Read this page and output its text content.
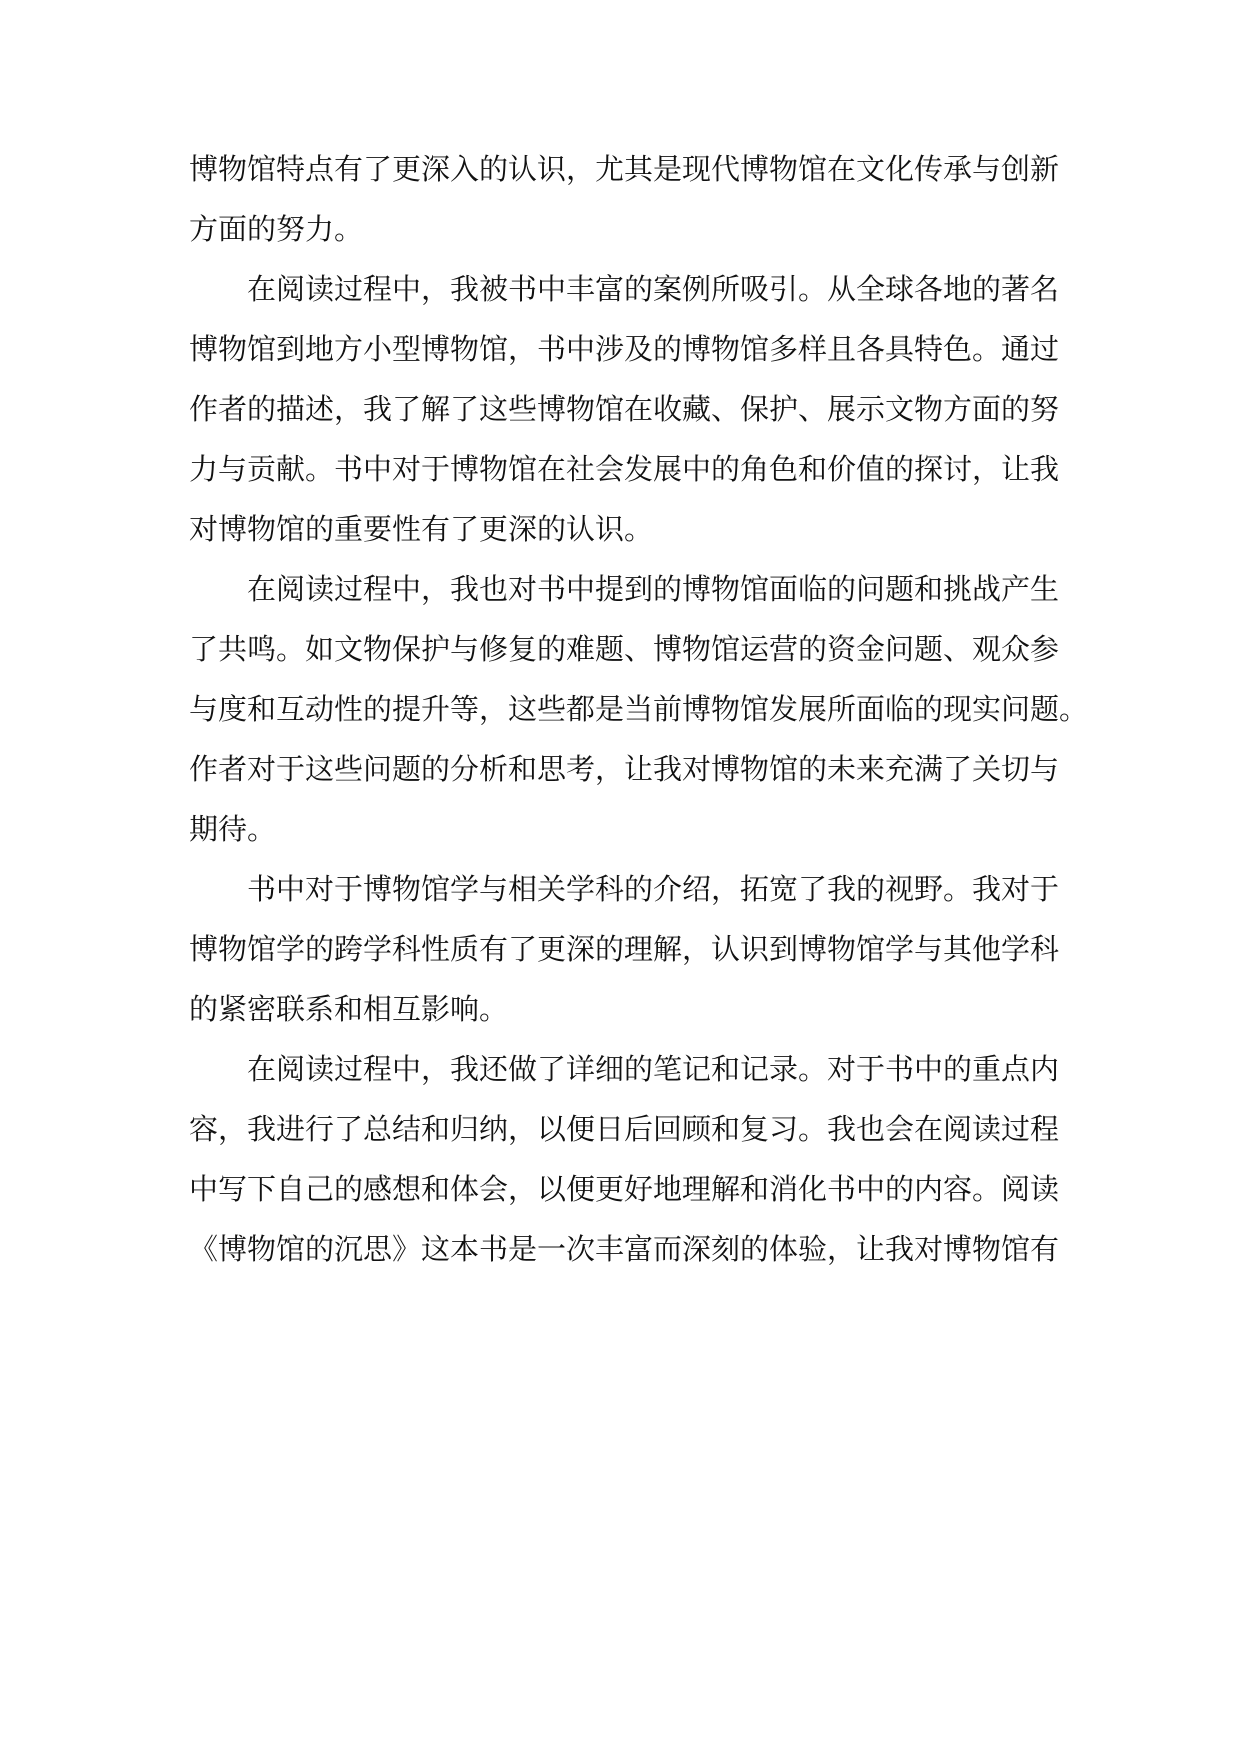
博物馆特点有了更深入的认识，尤其是现代博物馆在文化传承与创新
方面的努力。
在阅读过程中，我被书中丰富的案例所吸引。从全球各地的著名
博物馆到地方小型博物馆，书中涉及的博物馆多样且各具特色。通过
作者的描述，我了解了这些博物馆在收藏、保护、展示文物方面的努
力与贡献。书中对于博物馆在社会发展中的角色和价值的探讨，让我
对博物馆的重要性有了更深的认识。
在阅读过程中，我也对书中提到的博物馆面临的问题和挑战产生
了共鸣。如文物保护与修复的难题、博物馆运营的资金问题、观众参
与度和互动性的提升等，这些都是当前博物馆发展所面临的现实问题。
作者对于这些问题的分析和思考，让我对博物馆的未来充满了关切与
期待。
书中对于博物馆学与相关学科的介绍，拓宽了我的视野。我对于
博物馆学的跨学科性质有了更深的理解，认识到博物馆学与其他学科
的紧密联系和相互影响。
在阅读过程中，我还做了详细的笔记和记录。对于书中的重点内
容，我进行了总结和归纳，以便日后回顾和复习。我也会在阅读过程
中写下自己的感想和体会，以便更好地理解和消化书中的内容。阅读
《博物馆的沉思》这本书是一次丰富而深刻的体验，让我对博物馆有
